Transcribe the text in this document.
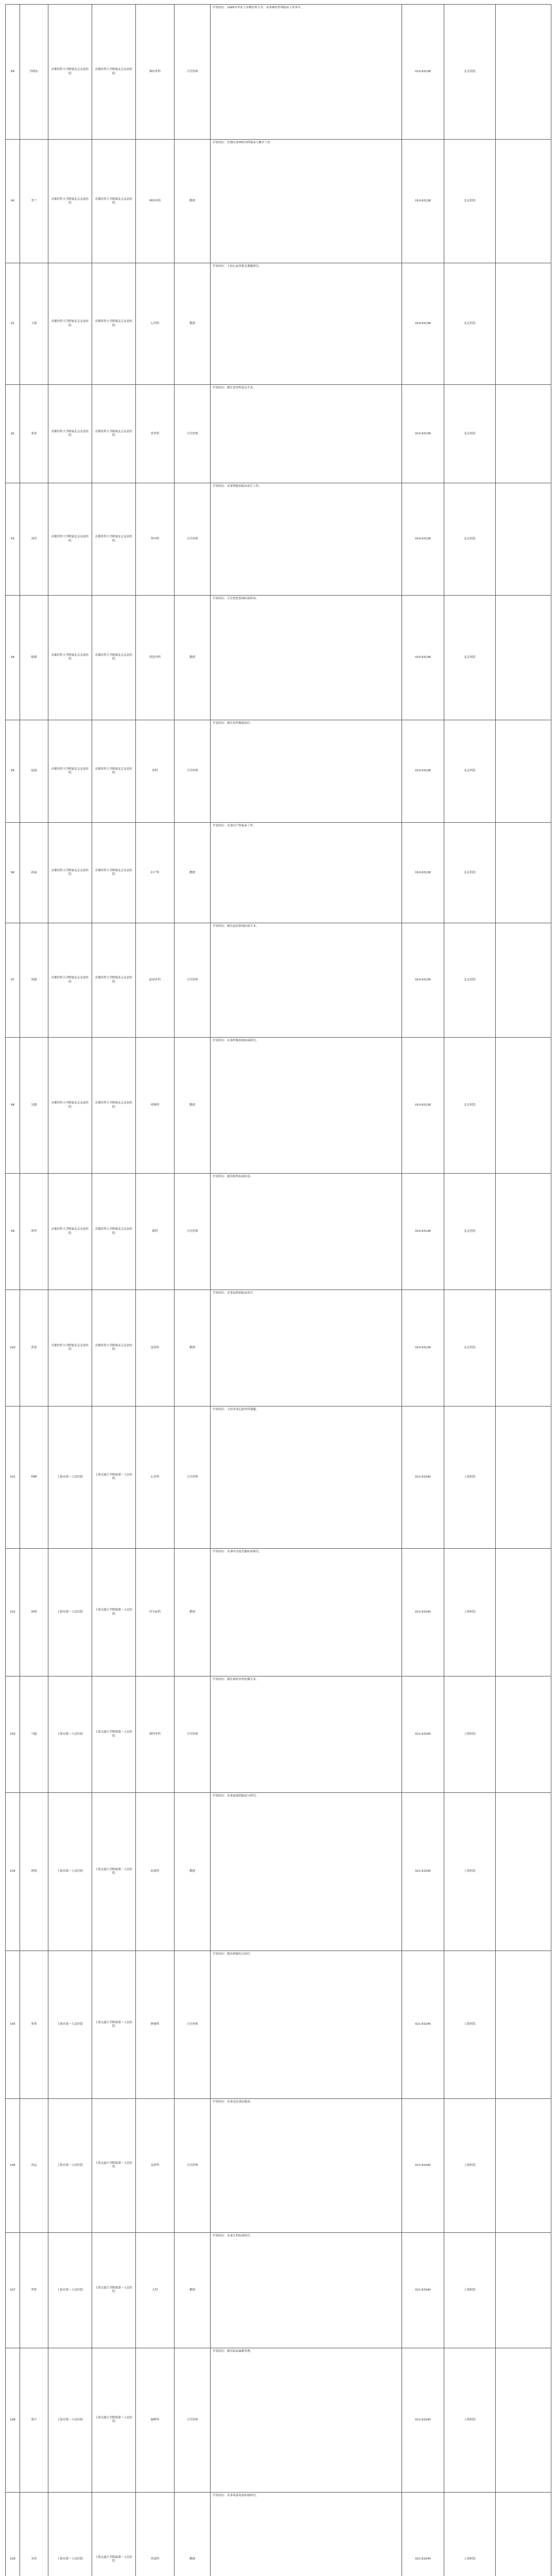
89	冯晓东	首都医科大学附属北京友谊医院	首都医科大学附属北京友谊医院	神经外科	主任医师	学业经历：1995年毕业于首都医科大学；从事神经外科临床工作多年。	010-63138	北京医院	

90	李兰	首都医科大学附属北京友谊医院	首都医科大学附属北京友谊医院	神经内科	教授	学业经历：长期从事神经内科临床与教学工作。	010-63138	北京医院	

91	王新	首都医科大学附属北京友谊医院	首都医科大学附属北京友谊医院	心内科	教授	学业经历：主持心血管相关课题研究。	010-63138	北京医院	

92	张伟	首都医科大学附属北京友谊医院	首都医科大学附属北京友谊医院	普外科	主任医师	学业经历：擅长普外科复杂手术。	010-63138	北京医院	

93	刘洋	首都医科大学附属北京友谊医院	首都医科大学附属北京友谊医院	肾内科	主任医师	学业经历：从事肾脏病临床诊疗工作。	010-63138	北京医院	

94	陈静	首都医科大学附属北京友谊医院	首都医科大学附属北京友谊医院	消化内科	教授	学业经历：专注消化系统疾病诊治。	010-63138	北京医院	

95	赵磊	首都医科大学附属北京友谊医院	首都医科大学附属北京友谊医院	骨科	主任医师	学业经历：擅长骨科微创治疗。	010-63138	北京医院	

96	孙丽	首都医科大学附属北京友谊医院	首都医科大学附属北京友谊医院	妇产科	教授	学业经历：从事妇产科临床工作。	010-63138	北京医院	

97	周强	首都医科大学附属北京友谊医院	首都医科大学附属北京友谊医院	泌尿外科	主任医师	学业经历：擅长泌尿系统疾病手术。	010-63138	北京医院	

98	吴敏	首都医科大学附属北京友谊医院	首都医科大学附属北京友谊医院	呼吸科	教授	学业经历：从事呼吸系统疾病研究。	010-63138	北京医院	

99	郑华	首都医科大学附属北京友谊医院	首都医科大学附属北京友谊医院	眼科	主任医师	学业经历：擅长眼科疾病诊治。	010-63138	北京医院	

100	黄蕾	首都医科大学附属北京友谊医院	首都医科大学附属北京友谊医院	皮肤科	教授	学业经历：从事皮肤病临床诊疗。	010-63138	北京医院	

101	林峰	上海市第一人民医院	上海交通大学附属第一人民医院	心外科	主任医师	学业经历：主持多项心脏外科课题。	021-63240	上海医院	

102	徐晴	上海市第一人民医院	上海交通大学附属第一人民医院	内分泌科	教授	学业经历：从事内分泌代谢疾病研究。	021-63240	上海医院	

103	马超	上海市第一人民医院	上海交通大学附属第一人民医院	神经外科	主任医师	学业经历：擅长神经外科显微手术。	021-63240	上海医院	

104	胡悦	上海市第一人民医院	上海交通大学附属第一人民医院	血液科	教授	学业经历：从事血液病临床与研究。	021-63240	上海医院	

105	朱明	上海市第一人民医院	上海交通大学附属第一人民医院	肿瘤科	主任医师	学业经历：擅长肿瘤综合治疗。	021-63240	上海医院	

106	高远	上海市第一人民医院	上海交通大学附属第一人民医院	急诊科	主任医师	学业经历：从事急危重症救治。	021-63240	上海医院	

107	罗婷	上海市第一人民医院	上海交通大学附属第一人民医院	儿科	教授	学业经历：从事儿科疾病诊疗。	021-63240	上海医院	

108	梁宇	上海市第一人民医院	上海交通大学附属第一人民医院	麻醉科	主任医师	学业经历：擅长临床麻醉管理。	021-63240	上海医院	

109	宋佳	上海市第一人民医院	上海交通大学附属第一人民医院	风湿科	教授	学业经历：从事风湿免疫疾病研究。	021-63240	上海医院	
